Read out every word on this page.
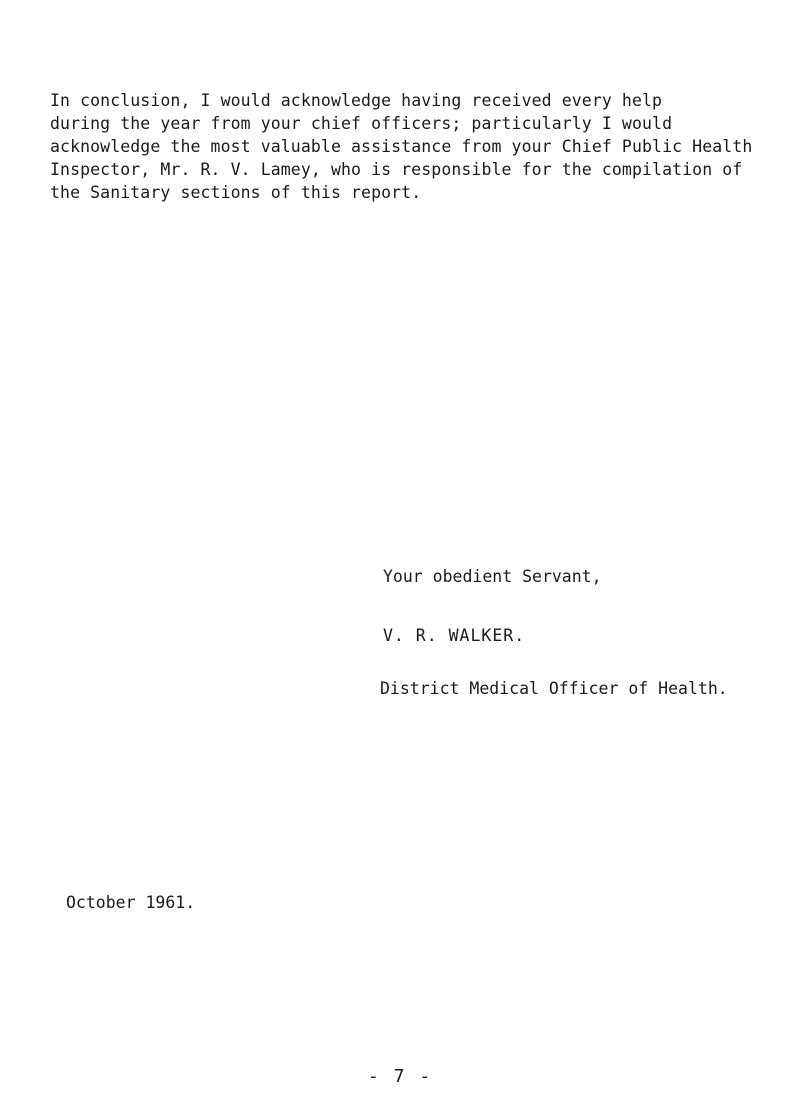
In conclusion, I would acknowledge having received every help
during the year from your chief officers; particularly I would
acknowledge the most valuable assistance from your Chief Public Health
Inspector, Mr. R. V. Lamey, who is responsible for the compilation of
the Sanitary sections of this report.
Your obedient Servant,
V. R. WALKER.
District Medical Officer of Health.
October 1961.
- 7 -
